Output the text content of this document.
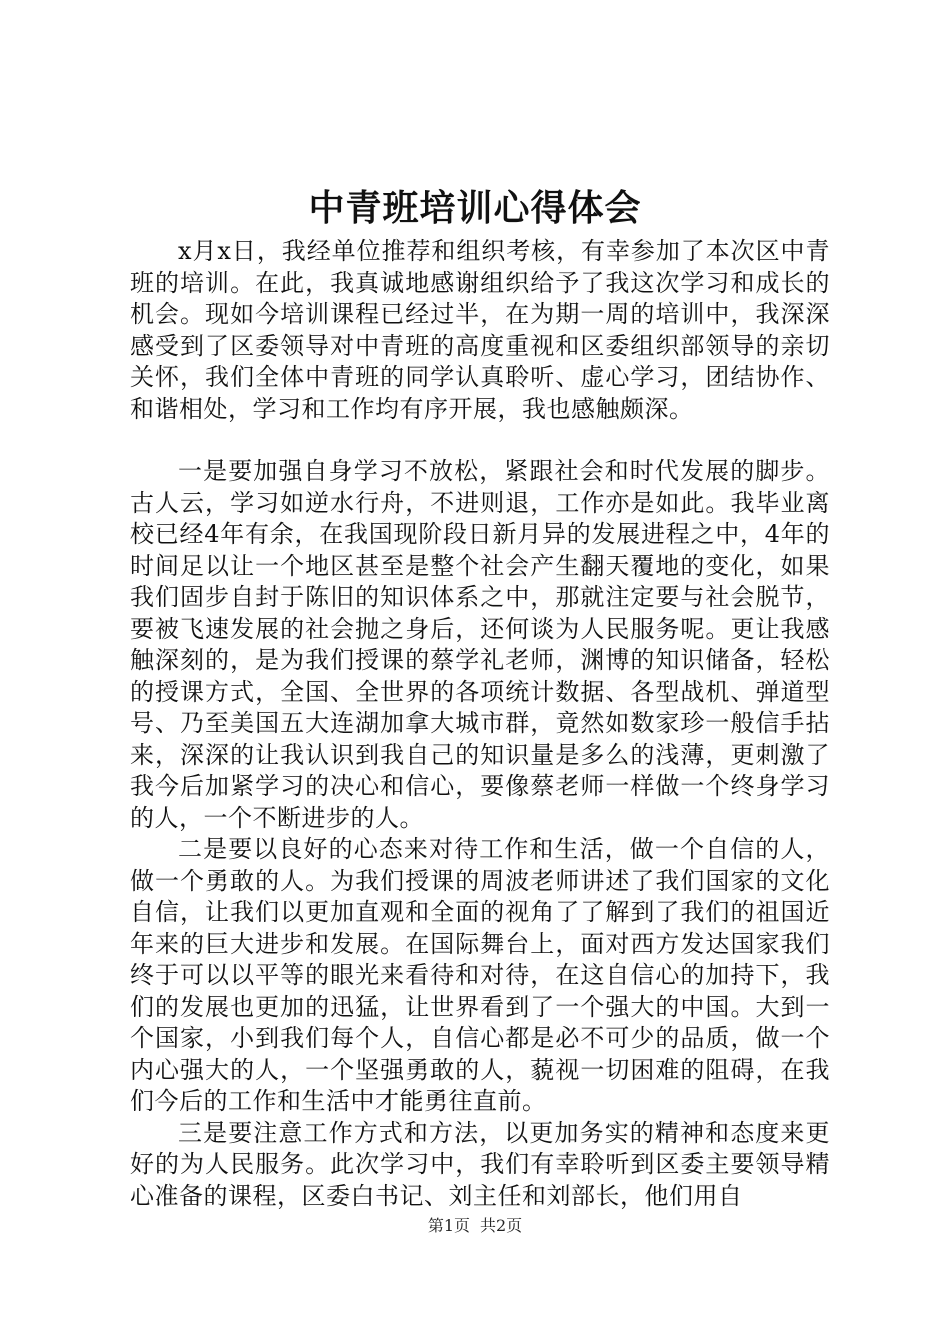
中青班培训心得体会

x月x日，我经单位推荐和组织考核，有幸参加了本次区中青班的培训。在此，我真诚地感谢组织给予了我这次学习和成长的机会。现如今培训课程已经过半，在为期一周的培训中，我深深感受到了区委领导对中青班的高度重视和区委组织部领导的亲切关怀，我们全体中青班的同学认真聆听、虚心学习，团结协作、和谐相处，学习和工作均有序开展，我也感触颇深。

一是要加强自身学习不放松，紧跟社会和时代发展的脚步。古人云，学习如逆水行舟，不进则退，工作亦是如此。我毕业离校已经4年有余，在我国现阶段日新月异的发展进程之中，4年的时间足以让一个地区甚至是整个社会产生翻天覆地的变化，如果我们固步自封于陈旧的知识体系之中，那就注定要与社会脱节，要被飞速发展的社会抛之身后，还何谈为人民服务呢。更让我感触深刻的，是为我们授课的蔡学礼老师，渊博的知识储备，轻松的授课方式，全国、全世界的各项统计数据、各型战机、弹道型号、乃至美国五大连湖加拿大城市群，竟然如数家珍一般信手拈来，深深的让我认识到我自己的知识量是多么的浅薄，更刺激了我今后加紧学习的决心和信心，要像蔡老师一样做一个终身学习的人，一个不断进步的人。

二是要以良好的心态来对待工作和生活，做一个自信的人，做一个勇敢的人。为我们授课的周波老师讲述了我们国家的文化自信，让我们以更加直观和全面的视角了了解到了我们的祖国近年来的巨大进步和发展。在国际舞台上，面对西方发达国家我们终于可以以平等的眼光来看待和对待，在这自信心的加持下，我们的发展也更加的迅猛，让世界看到了一个强大的中国。大到一个国家，小到我们每个人，自信心都是必不可少的品质，做一个内心强大的人，一个坚强勇敢的人，藐视一切困难的阻碍，在我们今后的工作和生活中才能勇往直前。

三是要注意工作方式和方法，以更加务实的精神和态度来更好的为人民服务。此次学习中，我们有幸聆听到区委主要领导精心准备的课程，区委白书记、刘主任和刘部长，他们用自

第1页 共2页
